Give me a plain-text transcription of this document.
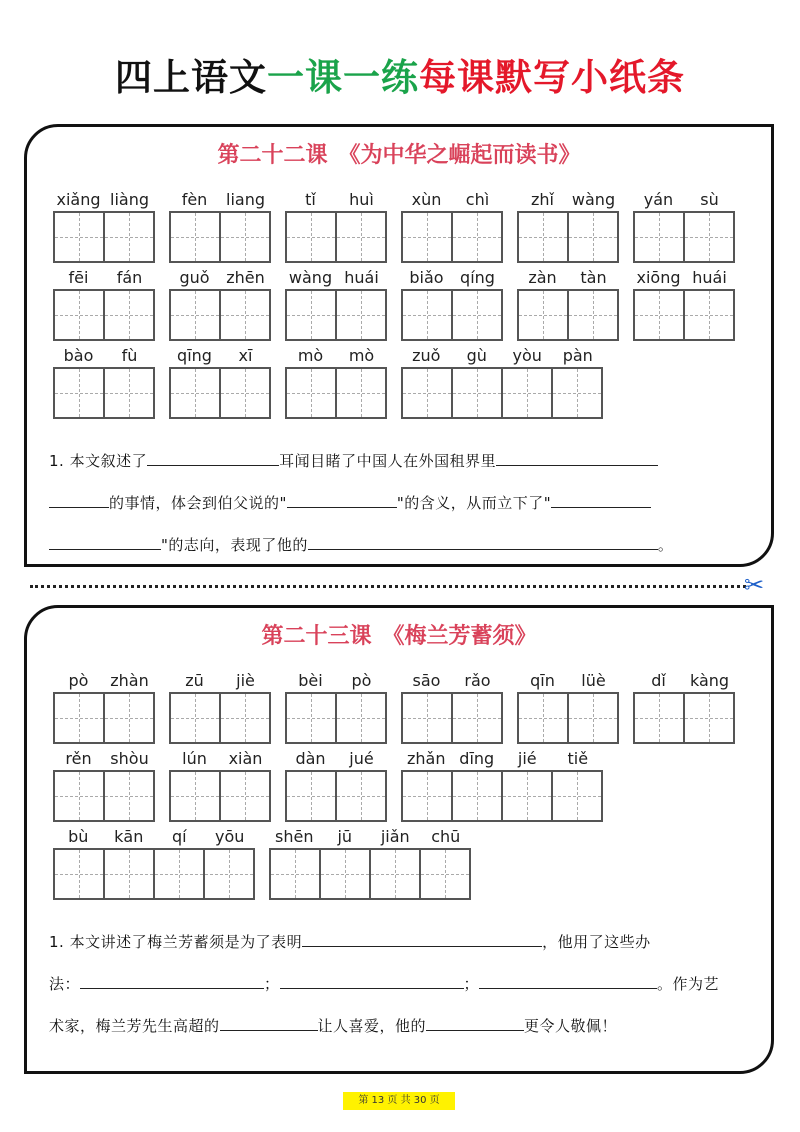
四上语文一课一练每课默写小纸条
第二十二课　《为中华之崛起而读书》
xiǎng liàng	fèn	liang	tǐ	huì	xùn	chì	zhǐ	wàng	yán	sù
fēi	fán	guǒ	zhēn	wàng huái	biǎo	qíng	zàn	tàn	xiōng huái
bào	fù	qīng	xī	mò	mò	zuǒ	gù	yòu	pàn
1. 本文叙述了	耳闻目睹了中国人在外国租界里
的事情，体会到伯父说的"	"的含义，从而立下了"
"的志向，表现了他的	。
✂
第二十三课　《梅兰芳蓄须》
pò	zhàn	zū	jiè	bèi	pò	sāo	rǎo	qīn	lüè	dǐ	kàng
rěn	shòu	lún	xiàn	dàn	jué	zhǎn dīng	jié	tiě
bù	kān	qí	yōu	shēn	jū	jiǎn	chū
1. 本文讲述了梅兰芳蓄须是为了表明	，他用了这些办
法：	；	；	。作为艺
术家，梅兰芳先生高超的	让人喜爱，他的	更令人敬佩！
第 13 页 共 30 页
